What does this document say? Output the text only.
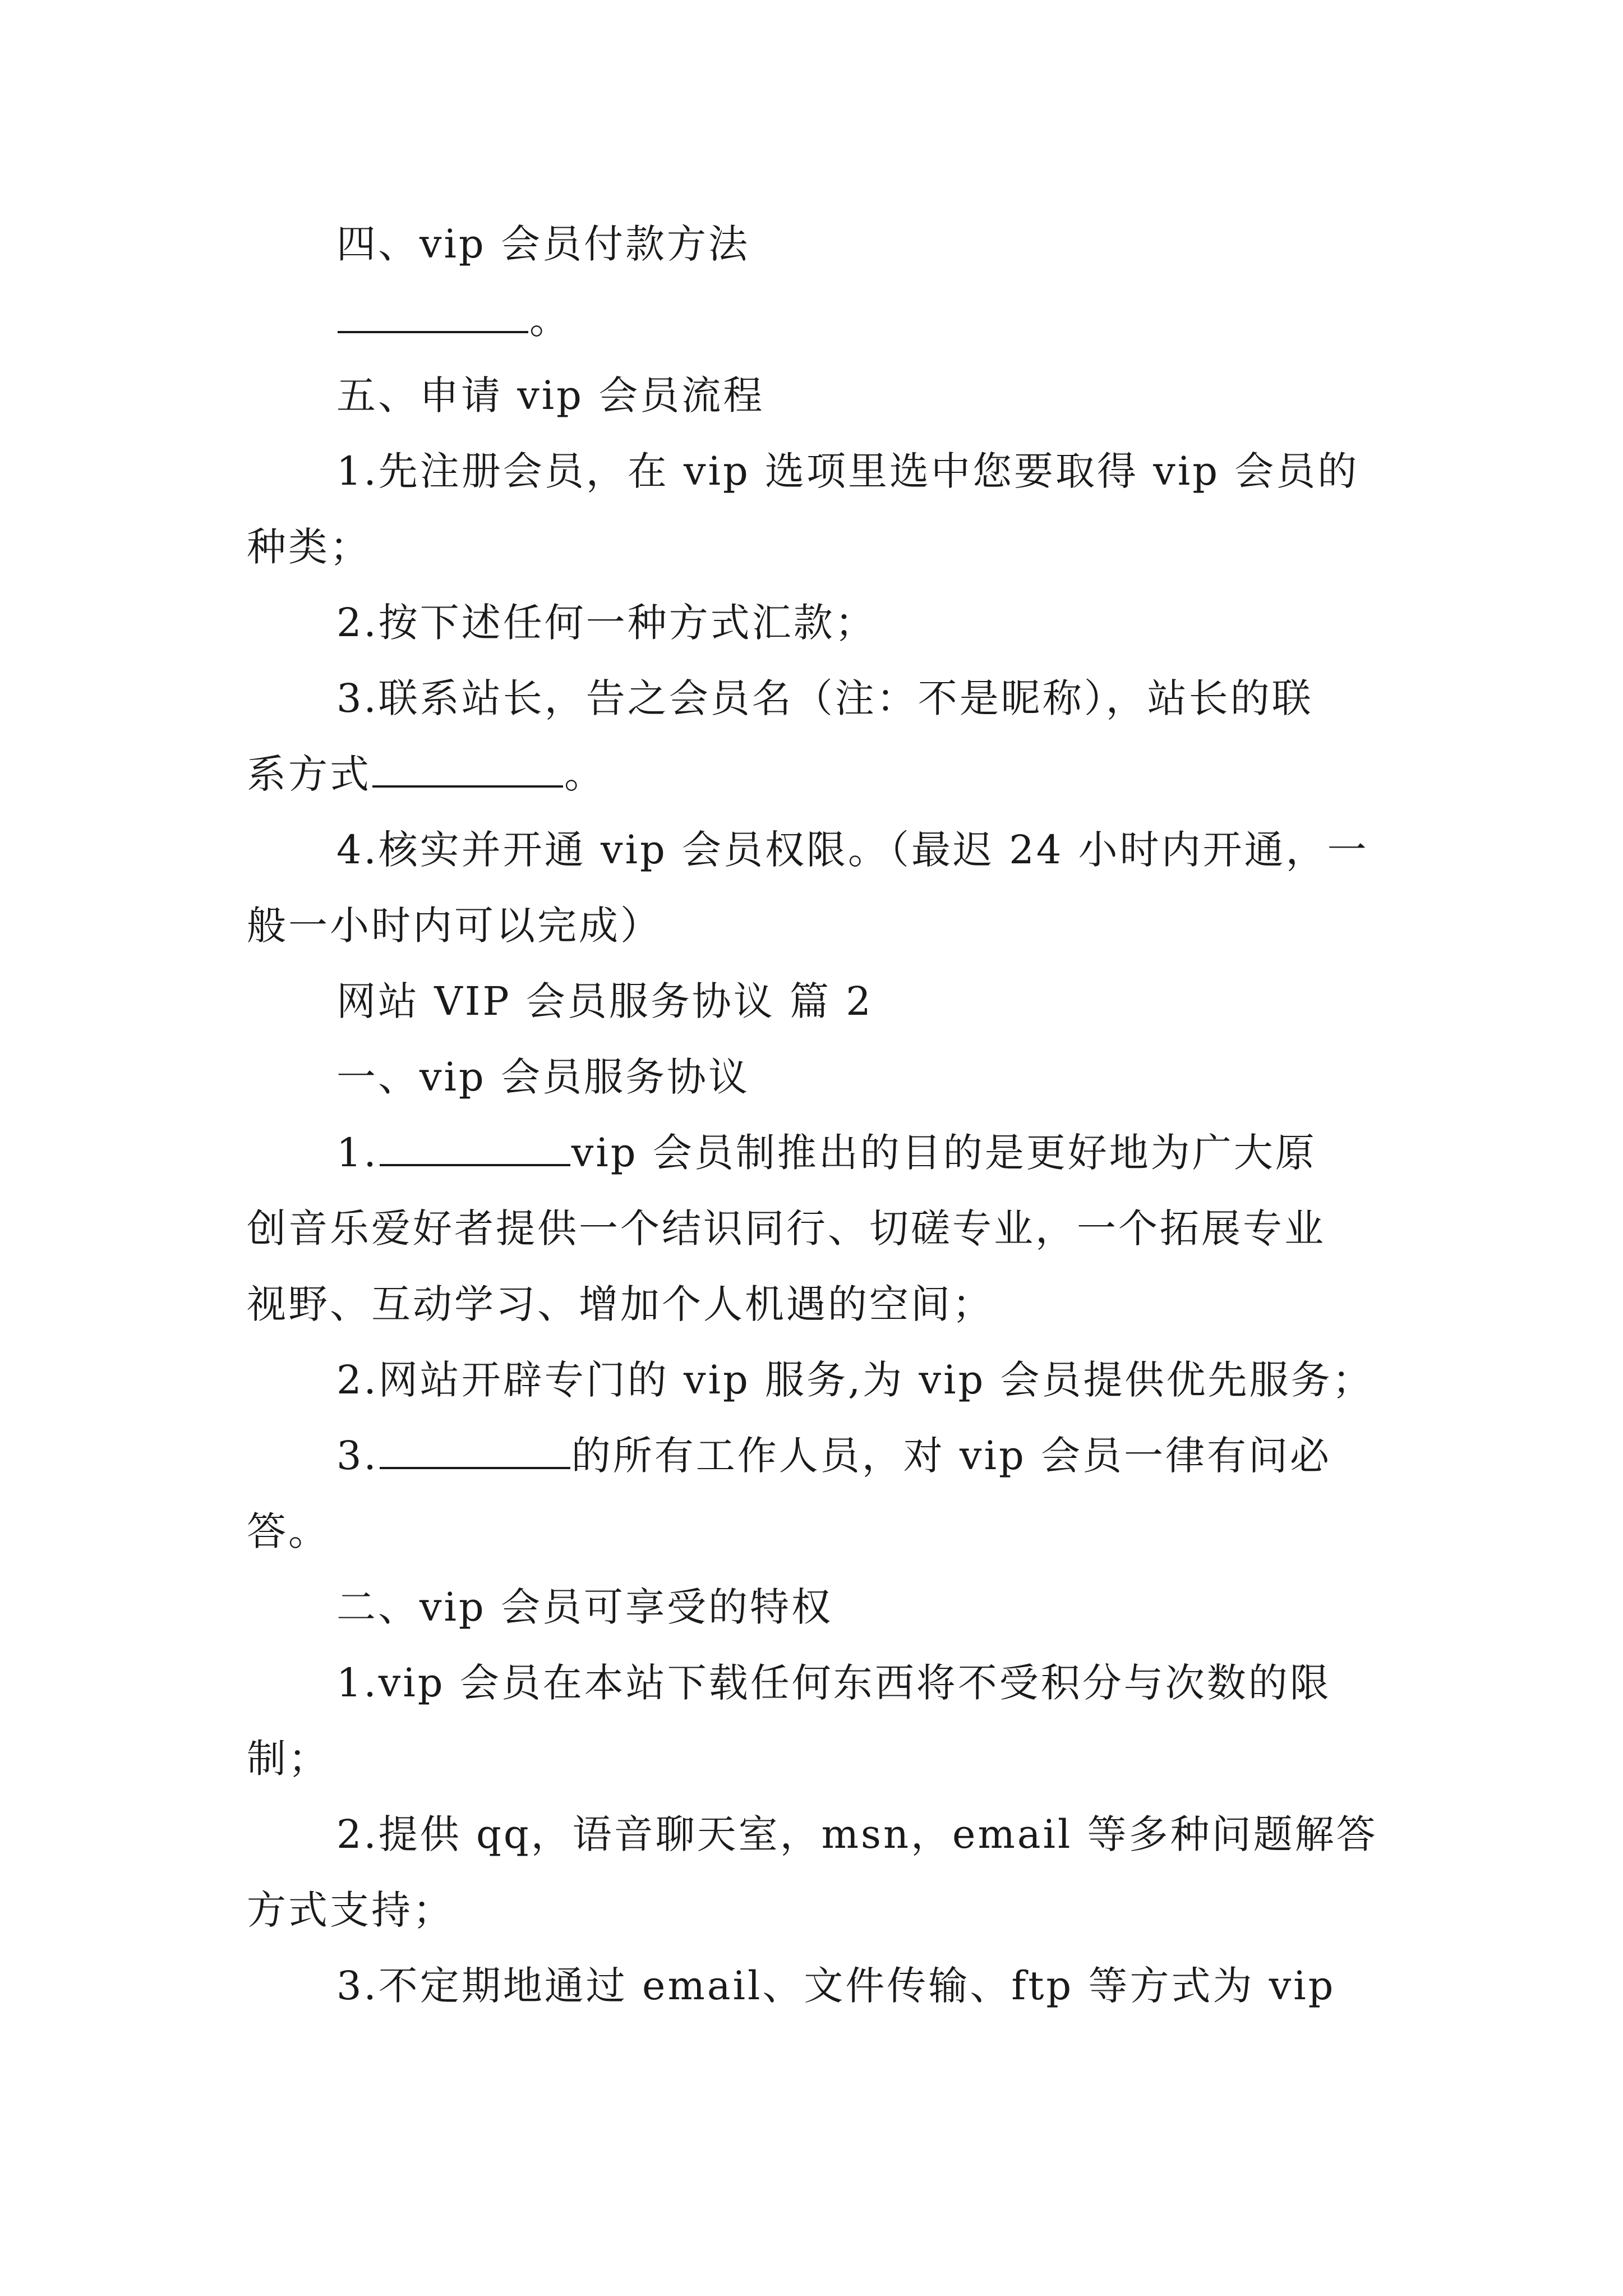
四、vip 会员付款方法
。
五、申请 vip 会员流程
1.先注册会员，在 vip 选项里选中您要取得 vip 会员的
种类；
2.按下述任何一种方式汇款；
3.联系站长，告之会员名（注：不是昵称），站长的联
系方式	。
4.核实并开通 vip 会员权限。（最迟 24 小时内开通，一
般一小时内可以完成）
网站 VIP 会员服务协议 篇 2
一、vip 会员服务协议
1.	vip 会员制推出的目的是更好地为广大原
创音乐爱好者提供一个结识同行、切磋专业，一个拓展专业
视野、互动学习、增加个人机遇的空间；
2.网站开辟专门的 vip 服务,为 vip 会员提供优先服务；
3.	的所有工作人员，对 vip 会员一律有问必
答。
二、vip 会员可享受的特权
1.vip 会员在本站下载任何东西将不受积分与次数的限
制；
2.提供 qq，语音聊天室，msn，email 等多种问题解答
方式支持；
3.不定期地通过 email、文件传输、ftp 等方式为 vip
